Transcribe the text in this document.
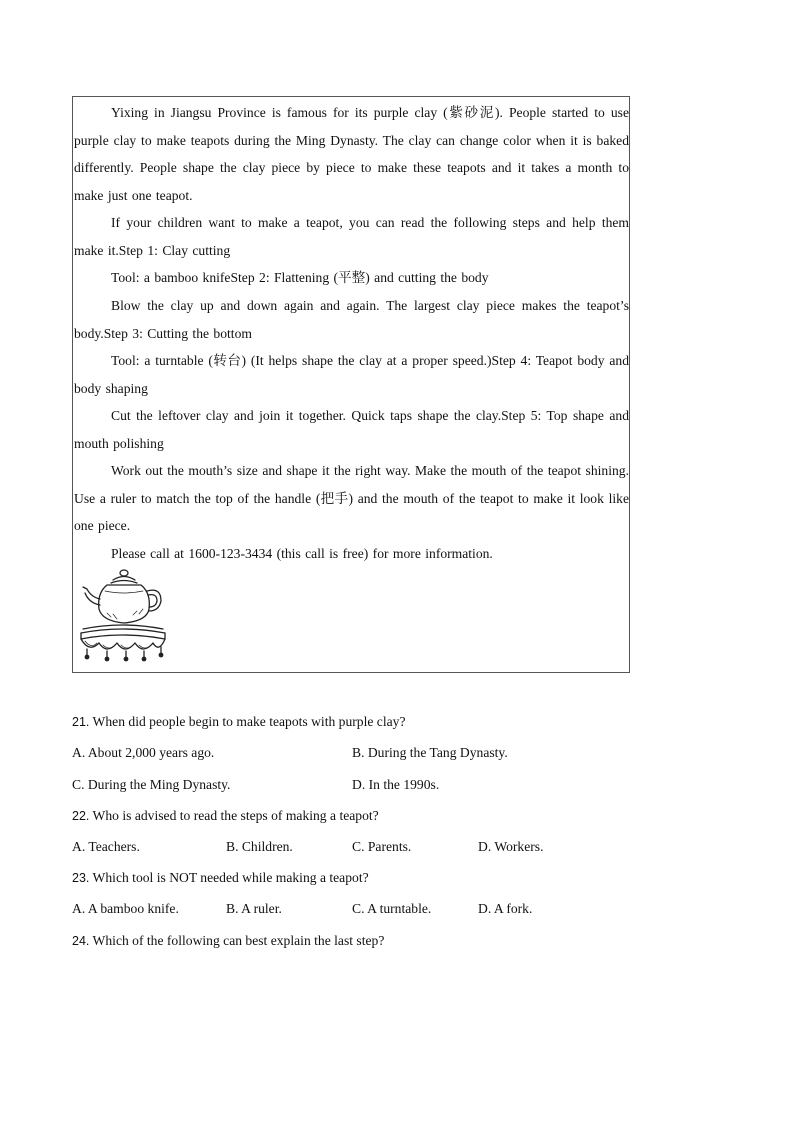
Yixing in Jiangsu Province is famous for its purple clay (紫砂泥). People started to use purple clay to make teapots during the Ming Dynasty. The clay can change color when it is baked differently. People shape the clay piece by piece to make these teapots and it takes a month to make just one teapot.

If your children want to make a teapot, you can read the following steps and help them make it.Step 1: Clay cutting

Tool: a bamboo knifeStep 2: Flattening (平整) and cutting the body

Blow the clay up and down again and again. The largest clay piece makes the teapot’s body.Step 3: Cutting the bottom

Tool: a turntable (转台) (It helps shape the clay at a proper speed.)Step 4: Teapot body and body shaping

Cut the leftover clay and join it together. Quick taps shape the clay.Step 5: Top shape and mouth polishing

Work out the mouth’s size and shape it the right way. Make the mouth of the teapot shining. Use a ruler to match the top of the handle (把手) and the mouth of the teapot to make it look like one piece.

Please call at 1600-123-3434 (this call is free) for more information.

21. When did people begin to make teapots with purple clay?
A. About 2,000 years ago.	B. During the Tang Dynasty.
C. During the Ming Dynasty.	D. In the 1990s.
22. Who is advised to read the steps of making a teapot?
A. Teachers.	B. Children.	C. Parents.	D. Workers.
23. Which tool is NOT needed while making a teapot?
A. A bamboo knife.	B. A ruler.	C. A turntable.	D. A fork.
24. Which of the following can best explain the last step?
